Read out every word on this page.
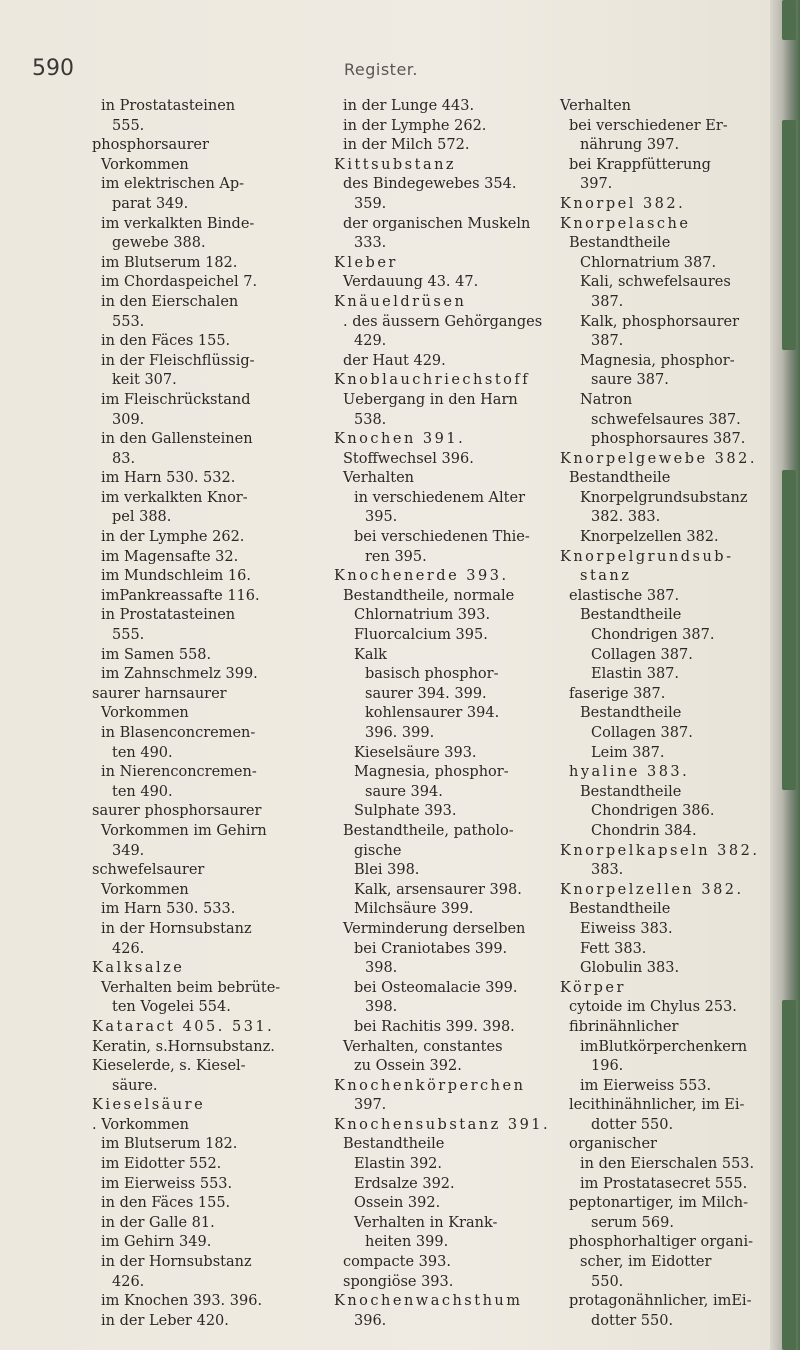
590	Register.
in Prostatasteinen
555.
phosphorsaurer
Vorkommen
im elektrischen Ap-
parat 349.
im verkalkten Binde-
gewebe 388.
im Blutserum 182.
im Chordaspeichel 7.
in den Eierschalen
553.
in den Fäces 155.
in der Fleischflüssig-
keit 307.
im Fleischrückstand
309.
in den Gallensteinen
83.
im Harn 530. 532.
im verkalkten Knor-
pel 388.
in der Lymphe 262.
im Magensafte 32.
im Mundschleim 16.
imPankreassafte 116.
in Prostatasteinen
555.
im Samen 558.
im Zahnschmelz 399.
saurer harnsaurer
Vorkommen
in Blasenconcremen-
ten 490.
in Nierenconcremen-
ten 490.
saurer phosphorsaurer
Vorkommen im Gehirn
349.
schwefelsaurer
Vorkommen
im Harn 530. 533.
in der Hornsubstanz
426.
Kalksalze
Verhalten beim bebrüte-
ten Vogelei 554.
Kataract 405. 531.
Keratin, s.Hornsubstanz.
Kieselerde, s. Kiesel-
säure.
Kieselsäure
. Vorkommen
im Blutserum 182.
im Eidotter 552.
im Eierweiss 553.
in den Fäces 155.
in der Galle 81.
im Gehirn 349.
in der Hornsubstanz
426.
im Knochen 393. 396.
in der Leber 420.
in der Lunge 443.
in der Lymphe 262.
in der Milch 572.
Kittsubstanz
des Bindegewebes 354.
359.
der organischen Muskeln
333.
Kleber
Verdauung 43. 47.
Knäueldrüsen
. des äussern Gehörganges
429.
der Haut 429.
Knoblauchriechstoff
Uebergang in den Harn
538.
Knochen 391.
Stoffwechsel 396.
Verhalten
in verschiedenem Alter
395.
bei verschiedenen Thie-
ren 395.
Knochenerde 393.
Bestandtheile, normale
Chlornatrium 393.
Fluorcalcium 395.
Kalk
basisch phosphor-
saurer 394. 399.
kohlensaurer 394.
396. 399.
Kieselsäure 393.
Magnesia, phosphor-
saure 394.
Sulphate 393.
Bestandtheile, patholo-
gische
Blei 398.
Kalk, arsensaurer 398.
Milchsäure 399.
Verminderung derselben
bei Craniotabes 399.
398.
bei Osteomalacie 399.
398.
bei Rachitis 399. 398.
Verhalten, constantes
zu Ossein 392.
Knochenkörperchen
397.
Knochensubstanz 391.
Bestandtheile
Elastin 392.
Erdsalze 392.
Ossein 392.
Verhalten in Krank-
heiten 399.
compacte 393.
spongiöse 393.
Knochenwachsthum
396.
Verhalten
bei verschiedener Er-
nährung 397.
bei Krappfütterung
397.
Knorpel 382.
Knorpelasche
Bestandtheile
Chlornatrium 387.
Kali, schwefelsaures
387.
Kalk, phosphorsaurer
387.
Magnesia, phosphor-
saure 387.
Natron
schwefelsaures 387.
phosphorsaures 387.
Knorpelgewebe 382.
Bestandtheile
Knorpelgrundsubstanz
382. 383.
Knorpelzellen 382.
Knorpelgrundsub-
stanz
elastische 387.
Bestandtheile
Chondrigen 387.
Collagen 387.
Elastin 387.
faserige 387.
Bestandtheile
Collagen 387.
Leim 387.
hyaline 383.
Bestandtheile
Chondrigen 386.
Chondrin 384.
Knorpelkapseln 382.
383.
Knorpelzellen 382.
Bestandtheile
Eiweiss 383.
Fett 383.
Globulin 383.
Körper
cytoide im Chylus 253.
fibrinähnlicher
imBlutkörperchenkern
196.
im Eierweiss 553.
lecithinähnlicher, im Ei-
dotter 550.
organischer
in den Eierschalen 553.
im Prostatasecret 555.
peptonartiger, im Milch-
serum 569.
phosphorhaltiger organi-
scher, im Eidotter
550.
protagonähnlicher, imEi-
dotter 550.
